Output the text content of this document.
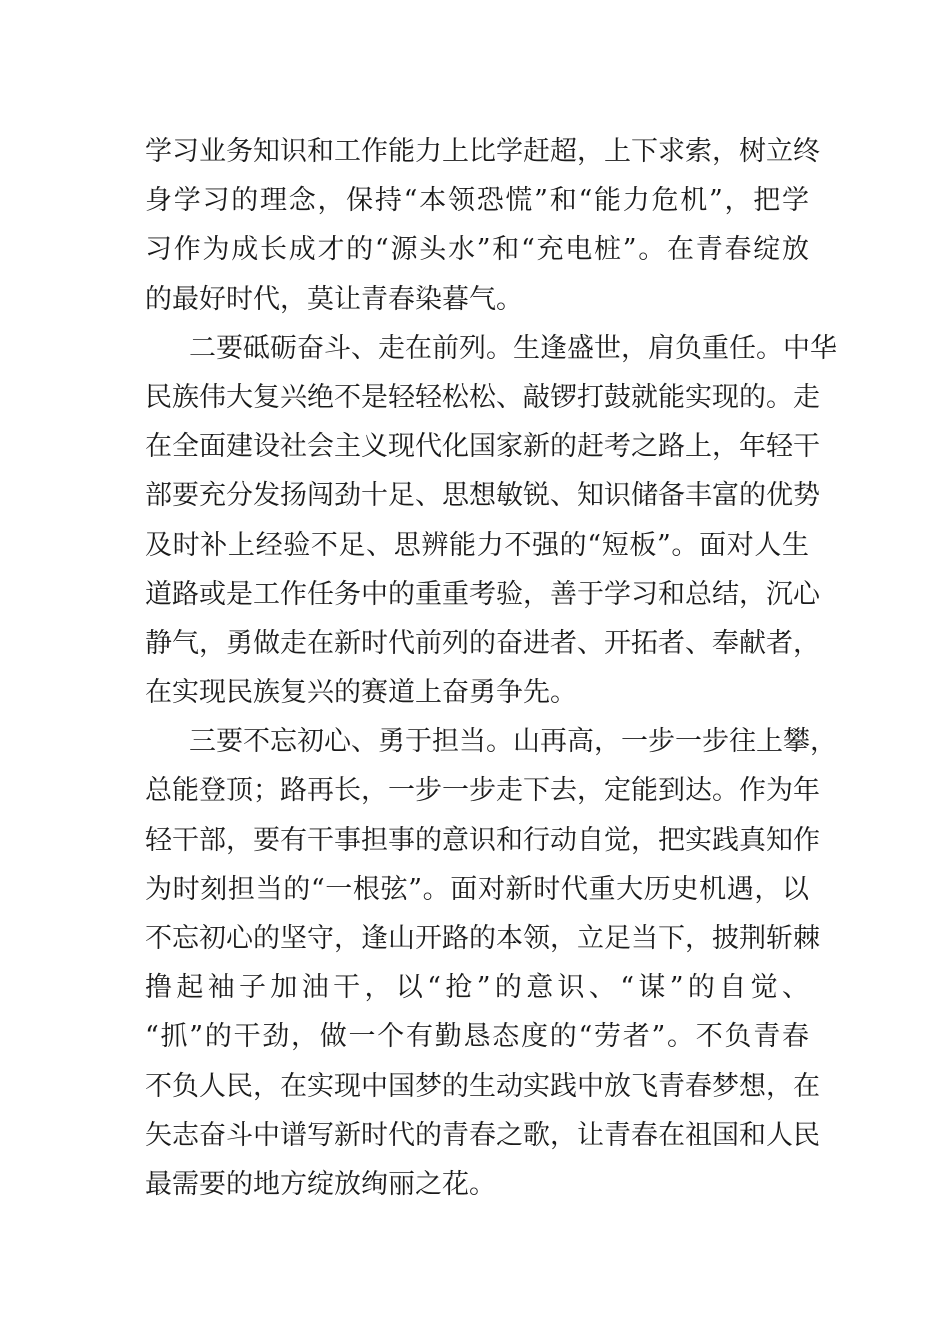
学习业务知识和工作能力上比学赶超，上下求索，树立终
身学习的理念，保持“本领恐慌”和“能力危机”，把学
习作为成长成才的“源头水”和“充电桩”。在青春绽放
的最好时代，莫让青春染暮气。
二要砥砺奋斗、走在前列。生逢盛世，肩负重任。中华
民族伟大复兴绝不是轻轻松松、敲锣打鼓就能实现的。走
在全面建设社会主义现代化国家新的赶考之路上，年轻干
部要充分发扬闯劲十足、思想敏锐、知识储备丰富的优势
及时补上经验不足、思辨能力不强的“短板”。面对人生
道路或是工作任务中的重重考验，善于学习和总结，沉心
静气，勇做走在新时代前列的奋进者、开拓者、奉献者，
在实现民族复兴的赛道上奋勇争先。
三要不忘初心、勇于担当。山再高，一步一步往上攀，
总能登顶；路再长，一步一步走下去，定能到达。作为年
轻干部，要有干事担事的意识和行动自觉，把实践真知作
为时刻担当的“一根弦”。面对新时代重大历史机遇，以
不忘初心的坚守，逢山开路的本领，立足当下，披荆斩棘
撸起袖子加油干，以“抢”的意识、“谋”的自觉、
“抓”的干劲，做一个有勤恳态度的“劳者”。不负青春
不负人民，在实现中国梦的生动实践中放飞青春梦想，在
矢志奋斗中谱写新时代的青春之歌，让青春在祖国和人民
最需要的地方绽放绚丽之花。
